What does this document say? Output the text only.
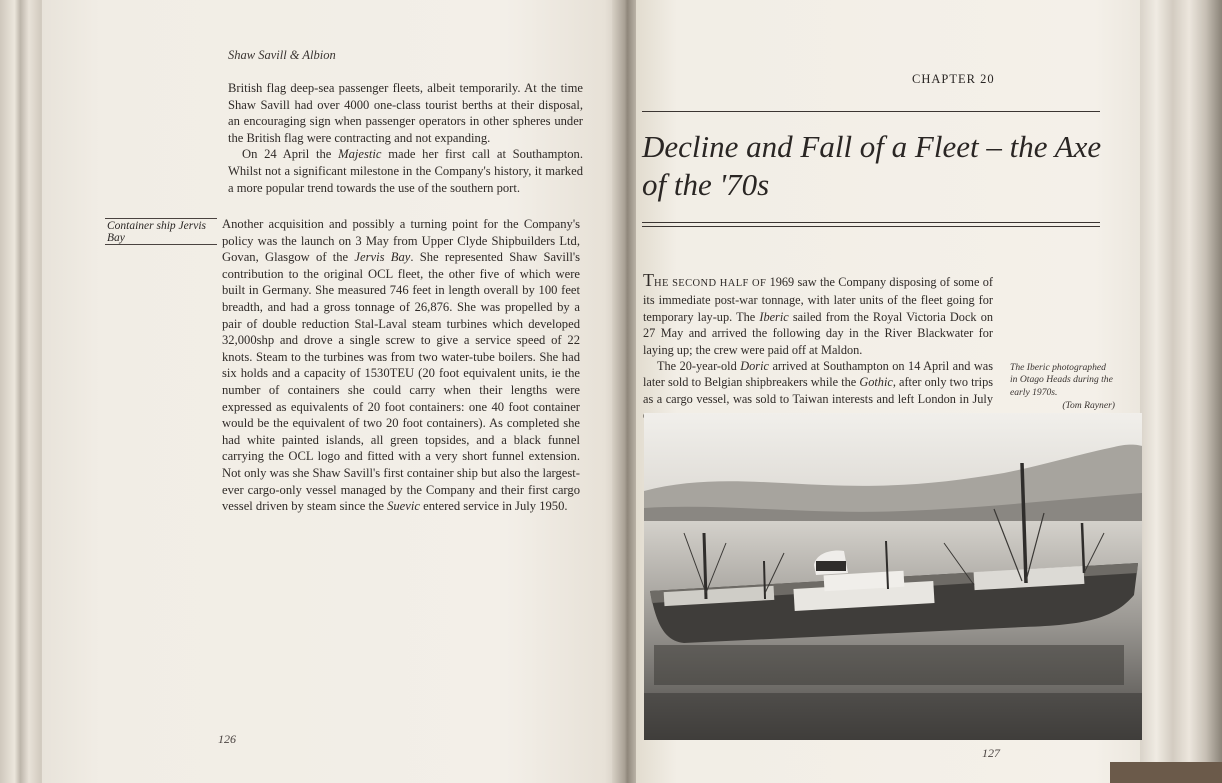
Shaw Savill & Albion

British flag deep-sea passenger fleets, albeit temporarily. At the time Shaw Savill had over 4000 one-class tourist berths at their disposal, an encouraging sign when passenger operators in other spheres under the British flag were contracting and not expanding.

On 24 April the Majestic made her first call at Southampton. Whilst not a significant milestone in the Company's history, it marked a more popular trend towards the use of the southern port.

Container ship Jervis Bay

Another acquisition and possibly a turning point for the Company's policy was the launch on 3 May from Upper Clyde Shipbuilders Ltd, Govan, Glasgow of the Jervis Bay. She represented Shaw Savill's contribution to the original OCL fleet, the other five of which were built in Germany. She measured 746 feet in length overall by 100 feet breadth, and had a gross tonnage of 26,876. She was propelled by a pair of double reduction Stal-Laval steam turbines which developed 32,000shp and drove a single screw to give a service speed of 22 knots. Steam to the turbines was from two water-tube boilers. She had six holds and a capacity of 1530TEU (20 foot equivalent units, ie the number of containers she could carry when their lengths were expressed as equivalents of 20 foot containers: one 40 foot container would be the equivalent of two 20 foot containers). As completed she had white painted islands, all green topsides, and a black funnel carrying the OCL logo and fitted with a very short funnel extension. Not only was she Shaw Savill's first container ship but also the largest-ever cargo-only vessel managed by the Company and their first cargo vessel driven by steam since the Suevic entered service in July 1950.

126
CHAPTER 20
Decline and Fall of a Fleet – the Axe of the '70s

THE SECOND HALF OF 1969 saw the Company disposing of some of its immediate post-war tonnage, with later units of the fleet going for temporary lay-up. The Iberic sailed from the Royal Victoria Dock on 27 May and arrived the following day in the River Blackwater for laying up; the crew were paid off at Maldon.

The 20-year-old Doric arrived at Southampton on 14 April and was later sold to Belgian shipbreakers while the Gothic, after only two trips as a cargo vessel, was sold to Taiwan interests and left London in July

The Iberic photographed in Otago Heads during the early 1970s.
(Tom Rayner)
127
